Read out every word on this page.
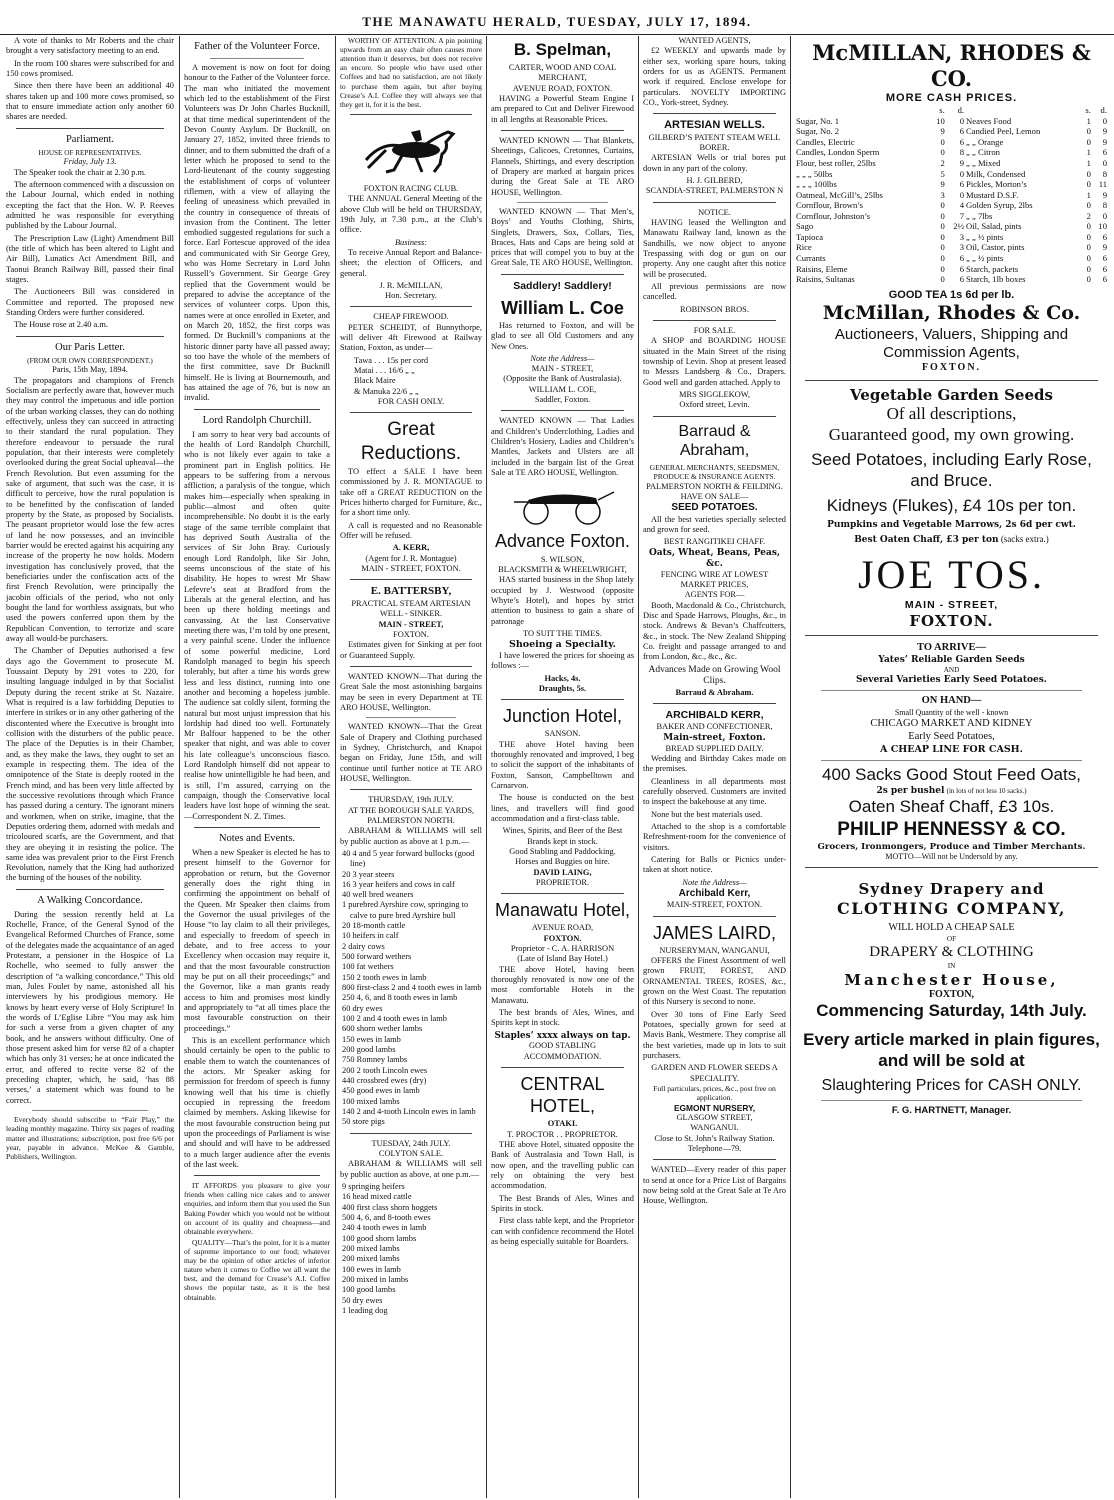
THE MANAWATU HERALD, TUESDAY, JULY 17, 1894.

A vote of thanks to Mr Roberts and the chair brought a very satisfactory meeting to an end.

In the room 100 shares were subscribed for and 150 cows promised.

Since then there have been an additional 40 shares taken up and 100 more cows promised, so that to ensure immediate action only another 60 shares are needed.

Parliament.
HOUSE OF REPRESENTATIVES.
Friday, July 13.

The Speaker took the chair at 2.30 p.m.

The afternoon commenced with a discussion on the Labour Journal, which ended in nothing excepting the fact that the Hon. W. P. Reeves admitted he was responsible for everything published by the Labour Journal.

The Prescription Law (Light) Amendment Bill (the title of which has been altered to Light and Air Bill), Lunatics Act Amendment Bill, and Taonui Branch Railway Bill, passed their final stages.

The Auctioneers Bill was considered in Committee and reported. The proposed new Standing Orders were further considered.

The House rose at 2.40 a.m.

Our Paris Letter.
(FROM OUR OWN CORRESPONDENT.)
Paris, 15th May, 1894.

The propagators and champions of French Socialism are perfectly aware that, however much they may control the impetuous and idle portion of the urban working classes, they can do nothing effectively, unless they can succeed in attracting to their standard the rural population. They therefore endeavour to persuade the rural population, that their interests were completely overlooked during the great Social upheaval—the French Revolution. But even assuming for the sake of argument, that such was the case, it is difficult to perceive, how the rural population is to be benefitted by the confiscation of landed property by the State, as proposed by Socialists. The peasant proprietor would lose the few acres of land he now possesses, and an invincible barrier would be erected against his acquiring any increase of the property he now holds. Modern investigation has conclusively proved, that the beneficiaries under the confiscation acts of the first French Revolution, were principally the jacobin officials of the period, who not only bought the land for worthless assignats, but who used the powers conferred upon them by the Republican Convention, to terrorize and scare away all would-be purchasers.

The Chamber of Deputies authorised a few days ago the Government to prosecute M. Toussaint Deputy by 291 votes to 220, for insulting language indulged in by that Socialist Deputy during the recent strike at St. Nazaire. What is required is a law forbidding Deputies to interfere in strikes or in any other gathering of the discontented where the Executive is brought into collision with the disturbers of the public peace. The place of the Deputies is in their Chamber, and, as they make the laws, they ought to set an example in respecting them. The idea of the omnipotence of the State is deeply rooted in the French mind, and has been very little affected by the successive revolutions through which France has passed during a century. The ignorant miners and workmen, when on strike, imagine, that the Deputies ordering them, adorned with medals and tricoloured scarfs, are the Government, and that they are obeying it in resisting the police. The same idea was prevalent prior to the First French Revolution, namely that the King had authorized the burning of the houses of the nobility.

A Walking Concordance.

During the session recently held at La Rochelle, France, of the General Synod of the Evangelical Reformed Churches of France, some of the delegates made the acquaintance of an aged Protestant, a pensioner in the Hospice of La Rochelle, who seemed to fully answer the description of “a walking concordance.” This old man, Jules Foulet by name, astonished all his interviewers by his prodigious memory. He knows by heart every verse of Holy Scripture! In the words of L’Eglise Libre “You may ask him for such a verse from a given chapter of any book, and he answers without difficulty. One of those present asked him for verse 82 of a chapter which has only 31 verses; he at once indicated the error, and offered to recite verse 82 of the preceding chapter, which, he said, ‘has 88 verses,’ a statement which was found to be correct.

Everybody should subscribe to “Fair Play,” the leading monthly magazine. Thirty six pages of reading matter and illustrations; subscription, post free 6/6 per year, payable in advance. McKee & Gamble, Publishers, Wellington.

Father of the Volunteer Force.

A movement is now on foot for doing honour to the Father of the Volunteer force. The man who initiated the movement which led to the establishment of the First Volunteers was Dr John Charles Bucknill, at that time medical superintendent of the Devon County Asylum. Dr Bucknill, on January 27, 1852, invited three friends to dinner, and to them submitted the draft of a letter which he proposed to send to the Lord-lieutenant of the county suggesting the establishment of corps of volunteer riflemen, with a view of allaying the feeling of uneasiness which prevailed in the country in consequence of threats of invasion from the Continent. The letter embodied suggested regulations for such a force. Earl Fortescue approved of the idea and communicated with Sir George Grey, who was Home Secretary in Lord John Russell’s Government. Sir George Grey replied that the Government would be prepared to advise the acceptance of the services of volunteer corps. Upon this, names were at once enrolled in Exeter, and on March 20, 1852, the first corps was formed. Dr Bucknill’s companions at the historic dinner party have all passed away; so too have the whole of the members of the first committee, save Dr Bucknill himself. He is living at Bournemouth, and has attained the age of 76, but is now an invalid.

Lord Randolph Churchill.

I am sorry to hear very bad accounts of the health of Lord Randolph Churchill, who is not likely ever again to take a prominent part in English politics. He appears to be suffering from a nervous affliction, a paralysis of the tongue, which makes him—especially when speaking in public—almost and often quite incomprehensible. No doubt it is the early stage of the same terrible complaint that has deprived South Australia of the services of Sir John Bray. Curiously enough Lord Randolph, like Sir John, seems unconscious of the state of his disability. He hopes to wrest Mr Shaw Lefevre’s seat at Bradford from the Liberals at the general election, and has been up there holding meetings and canvassing. At the last Conservative meeting there was, I’m told by one present, a very painful scene. Under the influence of some powerful medicine, Lord Randolph managed to begin his speech tolerably, but after a time his words grew less and less distinct, running into one another and becoming a hopeless jumble. The audience sat coldly silent, forming the natural but most unjust impression that his lordship had dined too well. Fortunately Mr Balfour happened to be the other speaker that night, and was able to cover his late colleague’s unconscious fiasco. Lord Randolph himself did not appear to realise how unintelligible he had been, and is still, I’m assured, carrying on the campaign, though the Conservative local leaders have lost hope of winning the seat.—Correspondent N. Z. Times.

Notes and Events.

When a new Speaker is elected he has to present himself to the Governor for approbation or return, but the Governor generally does the right thing in confirming the appointment on behalf of the Queen. Mr Speaker then claims from the Governor the usual privileges of the House “to lay claim to all their privileges, and especially to freedom of speech in debate, and to free access to your Excellency when occasion may require it, and that the most favourable construction may be put on all their proceedings;” and the Governor, like a man grants ready access to him and promises most kindly and appropriately to “at all times place the most favourable construction on their proceedings.”

This is an excellent performance which should certainly be open to the public to enable them to watch the countenances of the actors. Mr Speaker asking for permission for freedom of speech is funny knowing well that his time is chiefly occupied in repressing the freedom claimed by members. Asking likewise for the most favourable construction being put upon the proceedings of Parliament is wise and should and will have to be addressed to a much larger audience after the events of the last week.

IT AFFORDS you pleasure to give your friends when calling nice cakes and to answer enquiries, and inform them that you used the Sun Baking Powder which you would not be without on account of its quality and cheapness—and obtainable everywhere.

QUALITY—That’s the point, for it is a matter of supreme importance to our food; whatever may be the opinion of other articles of inferior nature when it comes to Coffee we all want the best, and the demand for Crease’s A.I. Coffee shows the popular taste, as it is the best obtainable.

WORTHY OF ATTENTION. A pin pointing upwards from an easy chair often causes more attention than it deserves, but does not receive an encore. So people who have used other Coffees and had no satisfaction, are not likely to purchase them again, but after buying Crease’s A.I. Coffee they will always see that they get it, for it is the best.

FOXTON RACING CLUB.

THE ANNUAL General Meeting of the above Club will be held on THURSDAY, 19th July, at 7.30 p.m., at the Club’s office.

Business:

To receive Annual Report and Balance-sheet; the election of Officers, and general.

J. R. McMILLAN,
Hon. Secretary.
CHEAP FIREWOOD.

PETER SCHEIDT, of Bunnythorpe, will deliver 4ft Firewood at Railway Station, Foxton, as under—

Tawa . . . 15s per cord
Matai . . . 16/6 „ „
Black Maire
& Manuka 22/6 „ „
FOR CASH ONLY.
Great Reductions.

TO effect a SALE I have been commissioned by J. R. MONTAGUE to take off a GREAT REDUCTION on the Prices hitherto charged for Furniture, &c., for a short time only.

A call is requested and no Reasonable Offer will be refused.

A. KERR,
(Agent for J. R. Montague)
MAIN - STREET, FOXTON.
E. BATTERSBY,
PRACTICAL STEAM ARTESIAN WELL - SINKER.
MAIN - STREET,
FOXTON.

Estimates given for Sinking at per foot or Guaranteed Supply.

WANTED KNOWN—That during the Great Sale the most astonishing bargains may be seen in every Department at TE ARO HOUSE, Wellington.

WANTED KNOWN—That the Great Sale of Drapery and Clothing purchased in Sydney, Christchurch, and Knapoi began on Friday, June 15th, and will continue until further notice at TE ARO HOUSE, Wellington.

THURSDAY, 19th JULY.
AT THE BOROUGH SALE YARDS, PALMERSTON NORTH.

ABRAHAM & WILLIAMS will sell by public auction as above at 1 p.m.—

40 4 and 5 year forward bullocks (good line)
20 3 year steers
16 3 year heifers and cows in calf
40 well bred weaners
1 purebred Ayrshire cow, springing to calve to pure bred Ayrshire bull
20 18-month cattle
10 heifers in calf
2 dairy cows
500 forward wethers
100 fat wethers
150 2 tooth ewes in lamb
800 first-class 2 and 4 tooth ewes in lamb
250 4, 6, and 8 tooth ewes in lamb
60 dry ewes
100 2 and 4 tooth ewes in lamb
600 shorn wether lambs
150 ewes in lamb
200 good lambs
750 Romney lambs
200 2 tooth Lincoln ewes
440 crossbred ewes (dry)
450 good ewes in lamb
100 mixed lambs
140 2 and 4-tooth Lincoln ewes in lamb
50 store pigs
TUESDAY, 24th JULY.
COLYTON SALE.

ABRAHAM & WILLIAMS will sell by public auction as above, at one p.m.—

9 springing heifers
16 head mixed cattle
400 first class shorn hoggets
500 4, 6, and 8-tooth ewes
240 4 tooth ewes in lamb
100 good shorn lambs
200 mixed lambs
200 mixed lambs
100 ewes in lamb
200 mixed in lambs
100 good lambs
50 dry ewes
1 leading dog
B. Spelman,
CARTER, WOOD AND COAL MERCHANT,
AVENUE ROAD, FOXTON.

HAVING a Powerful Steam Engine I am prepared to Cut and Deliver Firewood in all lengths at Reasonable Prices.

WANTED KNOWN — That Blankets, Sheetings, Calicoes, Cretonnes, Curtains, Flannels, Shirtings, and every description of Drapery are marked at bargain prices during the Great Sale at TE ARO HOUSE, Wellington.

WANTED KNOWN — That Men’s, Boys’ and Youths Clothing, Shirts, Singlets, Drawers, Sox, Collars, Ties, Braces, Hats and Caps are being sold at prices that will compel you to buy at the Great Sale, TE ARO HOUSE, Wellington.

Saddlery! Saddlery!
William L. Coe

Has returned to Foxton, and will be glad to see all Old Customers and any New Ones.

Note the Address—
MAIN - STREET,
(Opposite the Bank of Australasia).
WILLIAM L. COE,
Saddler, Foxton.

WANTED KNOWN — That Ladies and Children’s Underclothing, Ladies and Children’s Hosiery, Ladies and Children’s Mantles, Jackets and Ulsters are all included in the bargain list of the Great Sale at TE ARO HOUSE, Wellington.

Advance Foxton.
S. WILSON,
BLACKSMITH & WHEELWRIGHT,

HAS started business in the Shop lately occupied by J. Westwood (opposite Whyte’s Hotel), and hopes by strict attention to business to gain a share of patronage

TO SUIT THE TIMES.
Shoeing a Specialty.

I have lowered the prices for shoeing as follows :—

Hacks, 4s.
Draughts, 5s.
Junction Hotel,
SANSON.

THE above Hotel having been thoroughly renovated and improved, I beg to solicit the support of the inhabitants of Foxton, Sanson, Campbelltown and Carnarvon.

The house is conducted on the best lines, and travellers will find good accommodation and a first-class table.

Wines, Spirits, and Beer of the Best Brands kept in stock.
Good Stabling and Paddocking.
Horses and Buggies on hire.
DAVID LAING,
PROPRIETOR.
Manawatu Hotel,
AVENUE ROAD,
FOXTON.
Proprietor - C. A. HARRISON
(Late of Island Bay Hotel.)

THE above Hotel, having been thoroughly renovated is now one of the most comfortable Hotels in the Manawatu.

The best brands of Ales, Wines, and Spirits kept in stock.

Staples’ xxxx always on tap.
GOOD STABLING ACCOMMODATION.
CENTRAL HOTEL,
OTAKI.
T. PROCTOR . . PROPRIETOR.

THE above Hotel, situated opposite the Bank of Australasia and Town Hall, is now open, and the travelling public can rely on obtaining the very best accommodation.

The Best Brands of Ales, Wines and Spirits in stock.

First class table kept, and the Proprietor can with confidence recommend the Hotel as being especially suitable for Boarders.

WANTED AGENTS,

£2 WEEKLY and upwards made by either sex, working spare hours, taking orders for us as AGENTS. Permanent work if required. Enclose envelope for particulars. NOVELTY IMPORTING CO., York-street, Sydney.

ARTESIAN WELLS.
GILBERD’S PATENT STEAM WELL BORER.

ARTESIAN Wells or trial bores put down in any part of the colony.

H. J. GILBERD,
SCANDIA-STREET, PALMERSTON N
NOTICE.

HAVING leased the Wellington and Manawatu Railway land, known as the Sandhills, we now object to anyone Trespassing with dog or gun on our property. Any one caught after this notice will be prosecuted.

All previous permissions are now cancelled.

ROBINSON BROS.
FOR SALE.

A SHOP and BOARDING HOUSE situated in the Main Street of the rising township of Levin. Shop at present leased to Messrs Landsberg & Co., Drapers. Good well and garden attached. Apply to

MRS SIGGLEKOW,
Oxford street, Levin.
Barraud & Abraham,
GENERAL MERCHANTS, SEEDSMEN, PRODUCE & INSURANCE AGENTS.
PALMERSTON NORTH & FEILDING.
HAVE ON SALE—
SEED POTATOES.

All the best varieties specially selected and grown for seed.

BEST RANGITIKEI CHAFF.
Oats, Wheat, Beans, Peas, &c.
FENCING WIRE AT LOWEST MARKET PRICES,
AGENTS FOR—

Booth, Macdonald & Co., Christchurch, Disc and Spade Harrows, Ploughs, &c., in stock. Andrews & Bevan’s Chaffcutters, &c., in stock. The New Zealand Shipping Co. freight and passage arranged to and from London, &c., &c., &c.

Advances Made on Growing Wool Clips.
Barraud & Abraham.
ARCHIBALD KERR,
BAKER AND CONFECTIONER,
Main-street, Foxton.
BREAD SUPPLIED DAILY.

Wedding and Birthday Cakes made on the premises.

Cleanliness in all departments most carefully observed. Customers are invited to inspect the bakehouse at any time.

None but the best materials used.

Attached to the shop is a comfortable Refreshment-room for the convenience of visitors.

Catering for Balls or Picnics under-taken at short notice.

Note the Address—
Archibald Kerr,
MAIN-STREET, FOXTON.
JAMES LAIRD,
NURSERYMAN, WANGANUI,

OFFERS the Finest Assortment of well grown FRUIT, FOREST, AND ORNAMENTAL TREES, ROSES, &c., grown on the West Coast. The reputation of this Nursery is second to none.

Over 30 tons of Fine Early Seed Potatoes, specially grown for seed at Mavis Bank, Westmere. They comprise all the best varieties, made up in lots to suit purchasers.

GARDEN AND FLOWER SEEDS A SPECIALITY.
Full particulars, prices, &c., post free on application.
EGMONT NURSERY,
GLASGOW STREET,
WANGANUI.
Close to St. John’s Railway Station.
Telephone—79.

WANTED—Every reader of this paper to send at once for a Price List of Bargains now being sold at the Great Sale at Te Aro House, Wellington.

McMILLAN, RHODES & CO.
MORE CASH PRICES.
	s.	d.		s.	d.
Sugar, No. 1	10	0	Neaves Food	1	0
Sugar, No. 2	9	6	Candied Peel, Lemon	0	9
Candles, Electric	0	6	„ „ Orange	0	9
Candles, London Sperm	0	8	„ „ Citron	1	6
Flour, best roller, 25lbs	2	9	„ „ Mixed	1	0
„ „ „ 50lbs	5	0	Milk, Condensed	0	8
„ „ „ 100lbs	9	6	Pickles, Morton’s	0	11
Oatmeal, McGill’s, 25lbs	3	0	Mustard D.S.F.	1	9
Cornflour, Brown’s	0	4	Golden Syrup, 2lbs	0	8
Cornflour, Johnston’s	0	7	„ „ 7lbs	2	0
Sago	0	2½	Oil, Salad, pints	0	10
Tapioca	0	3	„ „ ½ pints	0	6
Rice	0	3	Oil, Castor, pints	0	9
Currants	0	6	„ „ ½ pints	0	6
Raisins, Eleme	0	6	Starch, packets	0	6
Raisins, Sultanas	0	6	Starch, 1lb boxes	0	6
GOOD TEA 1s 6d per lb.
McMillan, Rhodes & Co.
Auctioneers, Valuers, Shipping and Commission Agents,
FOXTON.
Vegetable Garden Seeds
Of all descriptions,
Guaranteed good, my own growing.
Seed Potatoes, including Early Rose, and Bruce.
Kidneys (Flukes), £4 10s per ton.
Pumpkins and Vegetable Marrows, 2s 6d per cwt.
Best Oaten Chaff, £3 per ton (sacks extra.)
JOE TOS.
MAIN - STREET,
FOXTON.
TO ARRIVE—
Yates’ Reliable Garden Seeds
AND
Several Varieties Early Seed Potatoes.
ON HAND—
Small Quantity of the well - known
CHICAGO MARKET AND KIDNEY
Early Seed Potatoes,
A CHEAP LINE FOR CASH.
400 Sacks Good Stout Feed Oats,
2s per bushel (in lots of not less 10 sacks.)
Oaten Sheaf Chaff, £3 10s.
PHILIP HENNESSY & CO.
Grocers, Ironmongers, Produce and Timber Merchants.
MOTTO—Will not be Undersold by any.
Sydney Drapery and
CLOTHING COMPANY,
WILL HOLD A CHEAP SALE
OF
DRAPERY & CLOTHING
IN
Manchester House,
FOXTON,
Commencing Saturday, 14th July.
Every article marked in plain figures, and will be sold at
Slaughtering Prices for CASH ONLY.
F. G. HARTNETT, Manager.
